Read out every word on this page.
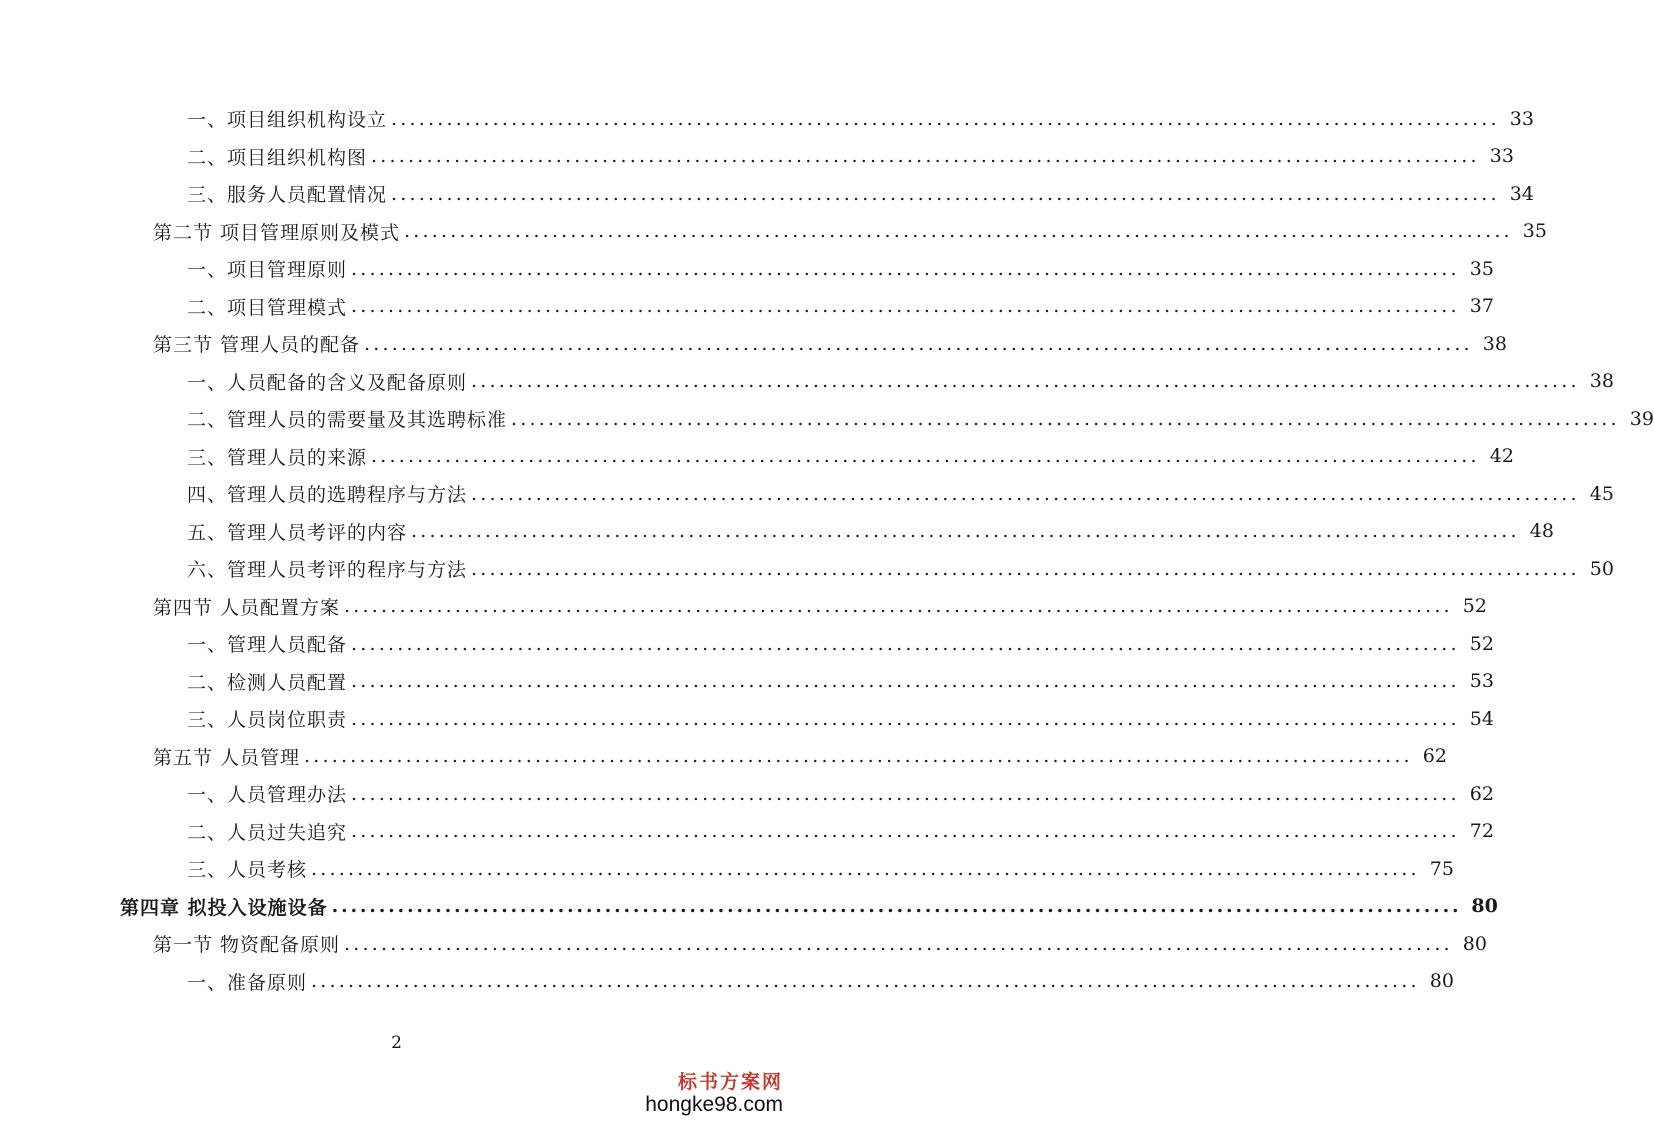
一、项目组织机构设立 ........................................................................................................................ 33
二、项目组织机构图 ........................................................................................................................ 33
三、服务人员配置情况 ........................................................................................................................ 34
第二节 项目管理原则及模式 ........................................................................................................................ 35
一、项目管理原则 ........................................................................................................................ 35
二、项目管理模式 ........................................................................................................................ 37
第三节 管理人员的配备 ........................................................................................................................ 38
一、人员配备的含义及配备原则 ........................................................................................................................ 38
二、管理人员的需要量及其选聘标准 ........................................................................................................................ 39
三、管理人员的来源 ........................................................................................................................ 42
四、管理人员的选聘程序与方法 ........................................................................................................................ 45
五、管理人员考评的内容 ........................................................................................................................ 48
六、管理人员考评的程序与方法 ........................................................................................................................ 50
第四节 人员配置方案 ........................................................................................................................ 52
一、管理人员配备 ........................................................................................................................ 52
二、检测人员配置 ........................................................................................................................ 53
三、人员岗位职责 ........................................................................................................................ 54
第五节 人员管理 ........................................................................................................................ 62
一、人员管理办法 ........................................................................................................................ 62
二、人员过失追究 ........................................................................................................................ 72
三、人员考核 ........................................................................................................................ 75
第四章 拟投入设施设备 ........................................................................................................................ 80
第一节 物资配备原则 ........................................................................................................................ 80
一、准备原则 ........................................................................................................................ 80
2
标书方案网
hongke98.com
